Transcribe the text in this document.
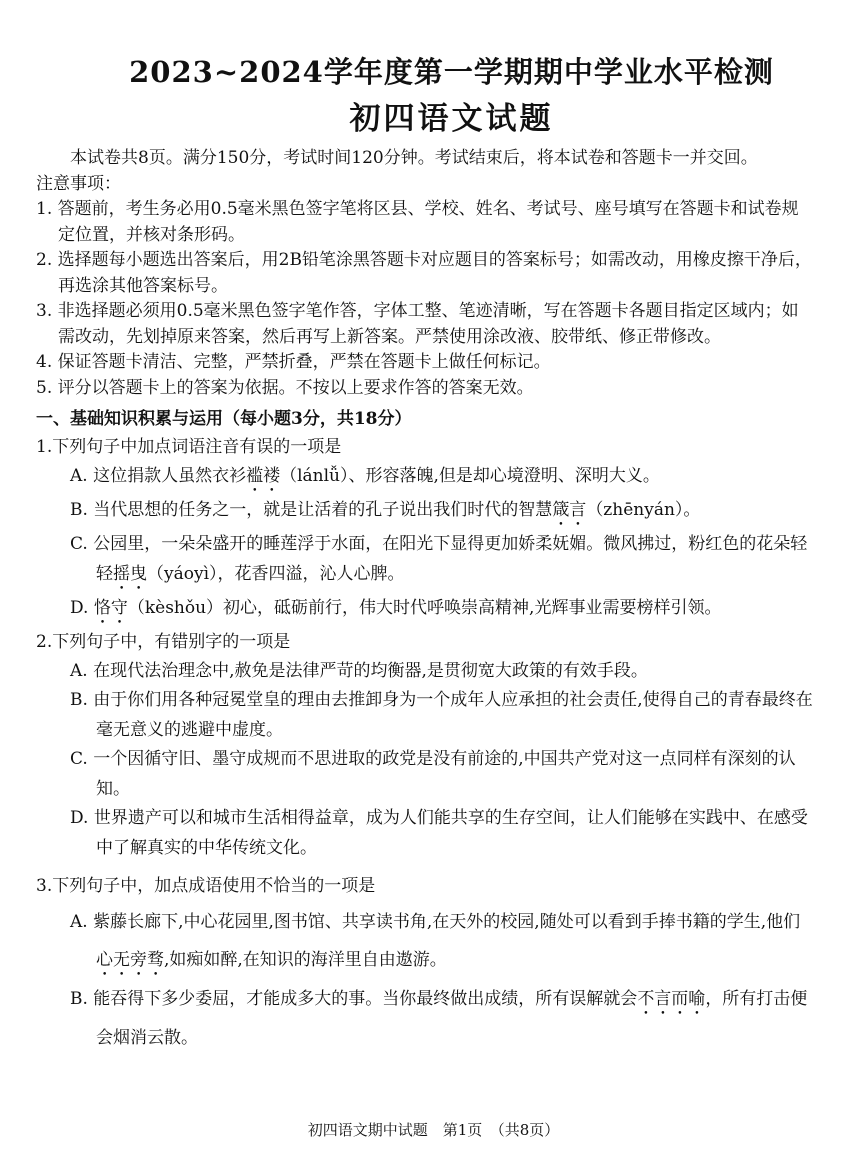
2023~2024学年度第一学期期中学业水平检测
初四语文试题
本试卷共8页。满分150分，考试时间120分钟。考试结束后，将本试卷和答题卡一并交回。
注意事项：
1. 答题前，考生务必用0.5毫米黑色签字笔将区县、学校、姓名、考试号、座号填写在答题卡和试卷规定位置，并核对条形码。
2. 选择题每小题选出答案后，用2B铅笔涂黑答题卡对应题目的答案标号；如需改动，用橡皮擦干净后，再选涂其他答案标号。
3. 非选择题必须用0.5毫米黑色签字笔作答，字体工整、笔迹清晰，写在答题卡各题目指定区域内；如需改动，先划掉原来答案，然后再写上新答案。严禁使用涂改液、胶带纸、修正带修改。
4. 保证答题卡清洁、完整，严禁折叠，严禁在答题卡上做任何标记。
5. 评分以答题卡上的答案为依据。不按以上要求作答的答案无效。
一、基础知识积累与运用（每小题3分，共18分）
1.下列句子中加点词语注音有误的一项是
A. 这位捐款人虽然衣衫褴褛（lánlǚ）、形容落魄,但是却心境澄明、深明大义。
B. 当代思想的任务之一，就是让活着的孔子说出我们时代的智慧箴言（zhēnyán）。
C. 公园里，一朵朵盛开的睡莲浮于水面，在阳光下显得更加娇柔妩媚。微风拂过，粉红色的花朵轻轻摇曳（yáoyì），花香四溢，沁人心脾。
D. 恪守（kèshǒu）初心，砥砺前行，伟大时代呼唤崇高精神,光辉事业需要榜样引领。
2.下列句子中，有错别字的一项是
A. 在现代法治理念中,赦免是法律严苛的均衡器,是贯彻宽大政策的有效手段。
B. 由于你们用各种冠冕堂皇的理由去推卸身为一个成年人应承担的社会责任,使得自己的青春最终在毫无意义的逃避中虚度。
C. 一个因循守旧、墨守成规而不思进取的政党是没有前途的,中国共产党对这一点同样有深刻的认知。
D. 世界遗产可以和城市生活相得益章，成为人们能共享的生存空间，让人们能够在实践中、在感受中了解真实的中华传统文化。
3.下列句子中，加点成语使用不恰当的一项是
A. 紫藤长廊下,中心花园里,图书馆、共享读书角,在天外的校园,随处可以看到手捧书籍的学生,他们心无旁骛,如痴如醉,在知识的海洋里自由遨游。
B. 能吞得下多少委屈，才能成多大的事。当你最终做出成绩，所有误解就会不言而喻，所有打击便会烟消云散。
初四语文期中试题　第1页　（共8页）
